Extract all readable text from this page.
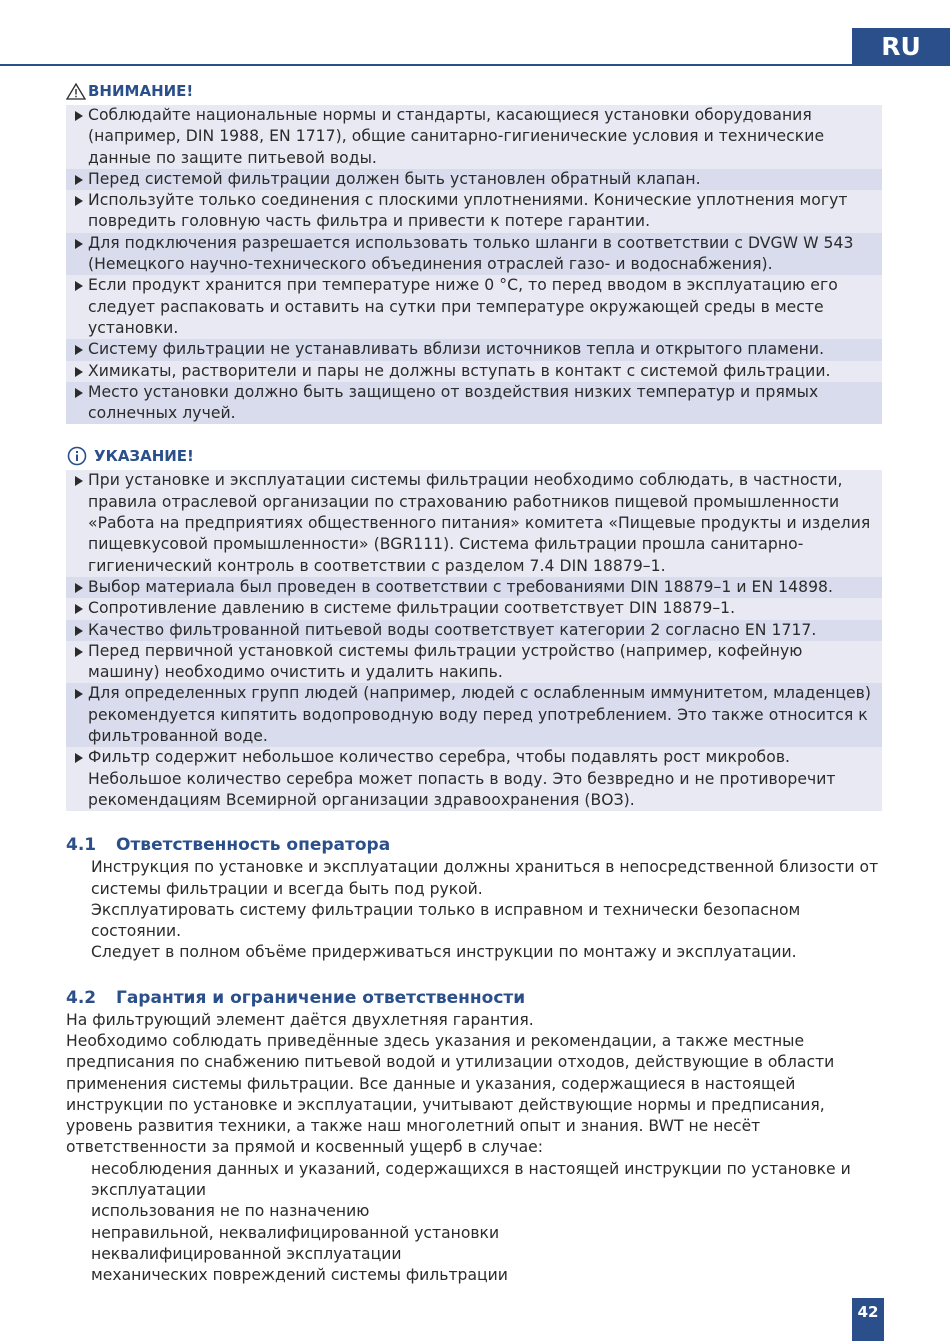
RU
ВНИМАНИЕ!
Соблюдайте национальные нормы и стандарты, касающиеся установки оборудования (например, DIN 1988, EN 1717), общие санитарно-гигиенические условия и технические данные по защите питьевой воды.
Перед системой фильтрации должен быть установлен обратный клапан.
Используйте только соединения с плоскими уплотнениями. Конические уплотнения могут повредить головную часть фильтра и привести к потере гарантии.
Для подключения разрешается использовать только шланги в соответствии с DVGW W 543 (Немецкого научно-технического объединения отраслей газо- и водоснабжения).
Если продукт хранится при температуре ниже 0 °C, то перед вводом в эксплуатацию его следует распаковать и оставить на сутки при температуре окружающей среды в месте установки.
Систему фильтрации не устанавливать вблизи источников тепла и открытого пламени.
Химикаты, растворители и пары не должны вступать в контакт с системой фильтрации.
Место установки должно быть защищено от воздействия низких температур и прямых солнечных лучей.
УКАЗАНИЕ!
При установке и эксплуатации системы фильтрации необходимо соблюдать, в частности, правила отраслевой организации по страхованию работников пищевой промышленности «Работа на предприятиях общественного питания» комитета «Пищевые продукты и изделия пищевкусовой промышленности» (BGR111). Система фильтрации прошла санитарно-гигиенический контроль в соответствии с разделом 7.4 DIN 18879–1.
Выбор материала был проведен в соответствии с требованиями DIN 18879–1 и EN 14898.
Сопротивление давлению в системе фильтрации соответствует DIN 18879–1.
Качество фильтрованной питьевой воды соответствует категории 2 согласно EN 1717.
Перед первичной установкой системы фильтрации устройство (например, кофейную машину) необходимо очистить и удалить накипь.
Для определенных групп людей (например, людей с ослабленным иммунитетом, младенцев) рекомендуется кипятить водопроводную воду перед употреблением. Это также относится к фильтрованной воде.
Фильтр содержит небольшое количество серебра, чтобы подавлять рост микробов. Небольшое количество серебра может попасть в воду. Это безвредно и не противоречит рекомендациям Всемирной организации здравоохранения (ВОЗ).
4.1 Ответственность оператора
Инструкция по установке и эксплуатации должны храниться в непосредственной близости от системы фильтрации и всегда быть под рукой.
Эксплуатировать систему фильтрации только в исправном и технически безопасном состоянии.
Следует в полном объёме придерживаться инструкции по монтажу и эксплуатации.
4.2 Гарантия и ограничение ответственности
На фильтрующий элемент даётся двухлетняя гарантия.
Необходимо соблюдать приведённые здесь указания и рекомендации, а также местные предписания по снабжению питьевой водой и утилизации отходов, действующие в области применения системы фильтрации. Все данные и указания, содержащиеся в настоящей инструкции по установке и эксплуатации, учитывают действующие нормы и предписания, уровень развития техники, а также наш многолетний опыт и знания. BWT не несёт ответственности за прямой и косвенный ущерб в случае:
несоблюдения данных и указаний, содержащихся в настоящей инструкции по установке и эксплуатации
использования не по назначению
неправильной, неквалифицированной установки
неквалифицированной эксплуатации
механических повреждений системы фильтрации
42
